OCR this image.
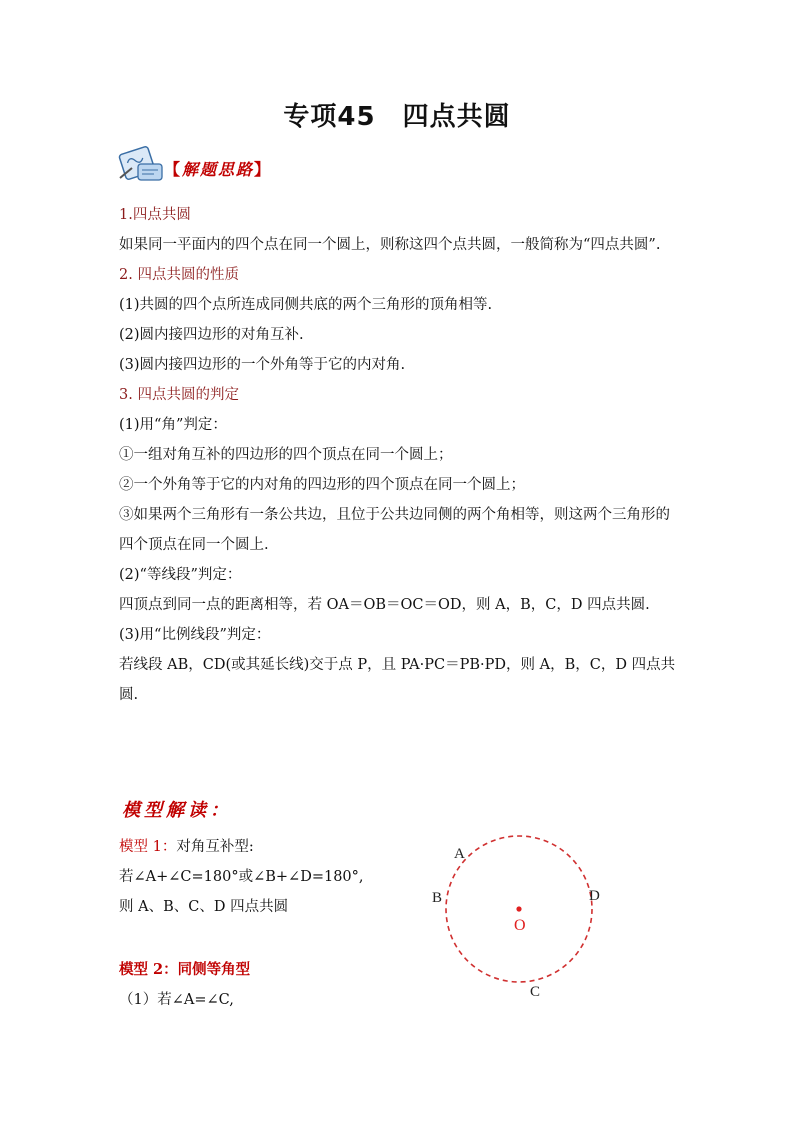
专项45　四点共圆
【解题思路】
1.四点共圆
如果同一平面内的四个点在同一个圆上，则称这四个点共圆，一般简称为“四点共圆”.
2. 四点共圆的性质
(1)共圆的四个点所连成同侧共底的两个三角形的顶角相等.
(2)圆内接四边形的对角互补.
(3)圆内接四边形的一个外角等于它的内对角.
3. 四点共圆的判定
(1)用“角”判定：
①一组对角互补的四边形的四个顶点在同一个圆上；
②一个外角等于它的内对角的四边形的四个顶点在同一个圆上；
③如果两个三角形有一条公共边，且位于公共边同侧的两个角相等，则这两个三角形的四个顶点在同一个圆上.
(2)“等线段”判定：
四顶点到同一点的距离相等，若 OA＝OB＝OC＝OD，则 A，B，C，D 四点共圆.
(3)用“比例线段”判定：
若线段 AB，CD(或其延长线)交于点 P，且 PA·PC＝PB·PD，则 A，B，C，D 四点共圆.
模型解读：
模型 1：对角互补型:
若∠A+∠C=180°或∠B+∠D=180°,
则 A、B、C、D 四点共圆
模型 2：同侧等角型
（1）若∠A=∠C,
A
B	D
C
O
